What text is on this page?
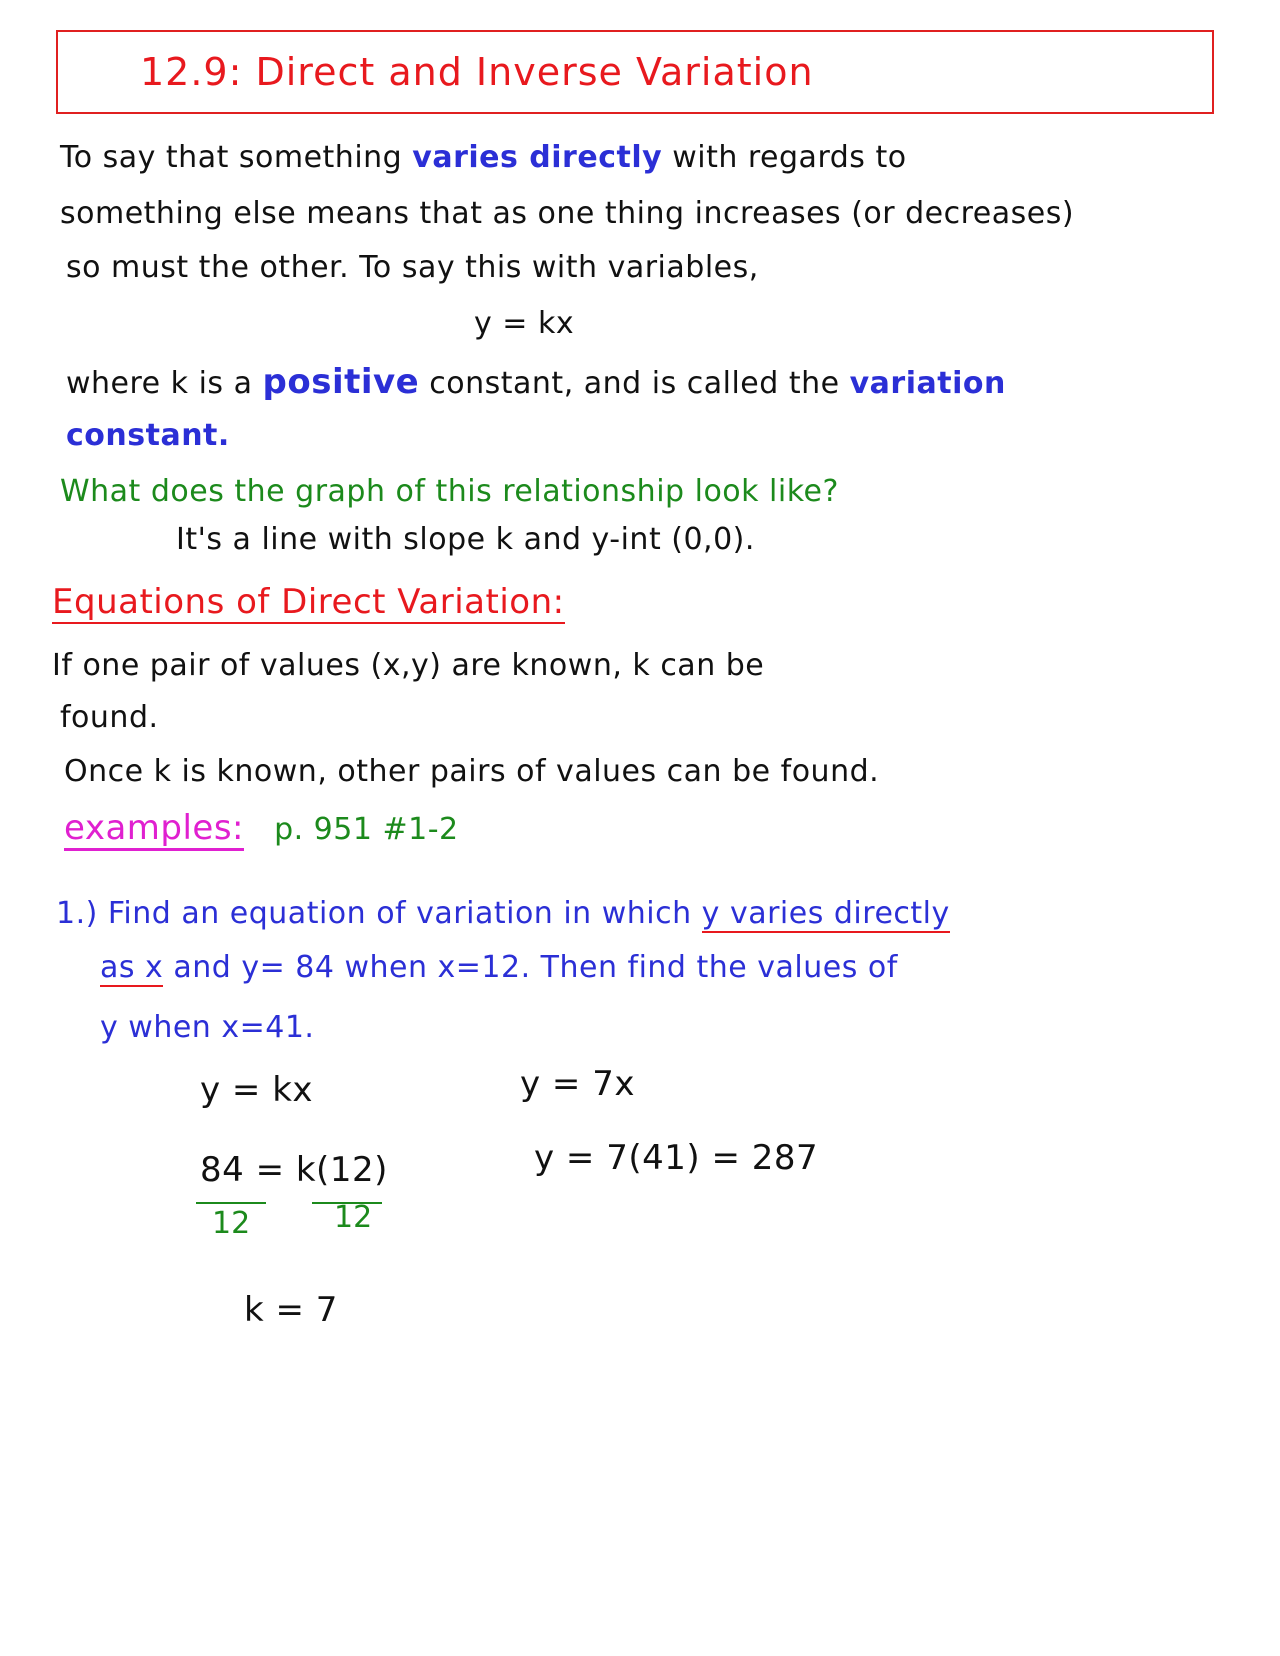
12.9: Direct and Inverse Variation
To say that something varies directly with regards to
something else means that as one thing increases (or decreases)
so must the other. To say this with variables,
y = kx
where k is a positive constant, and is called the variation
constant.
What does the graph of this relationship look like?
It's a line with slope k and y-int (0,0).
Equations of Direct Variation:
If one pair of values (x,y) are known, k can be
found.
Once k is known, other pairs of values can be found.
examples: p. 951 #1-2
1.) Find an equation of variation in which y varies directly
as x and y= 84 when x=12. Then find the values of
y when x=41.
y = kx
84 = k(12)
12	12
k = 7
y = 7x
y = 7(41) = 287
